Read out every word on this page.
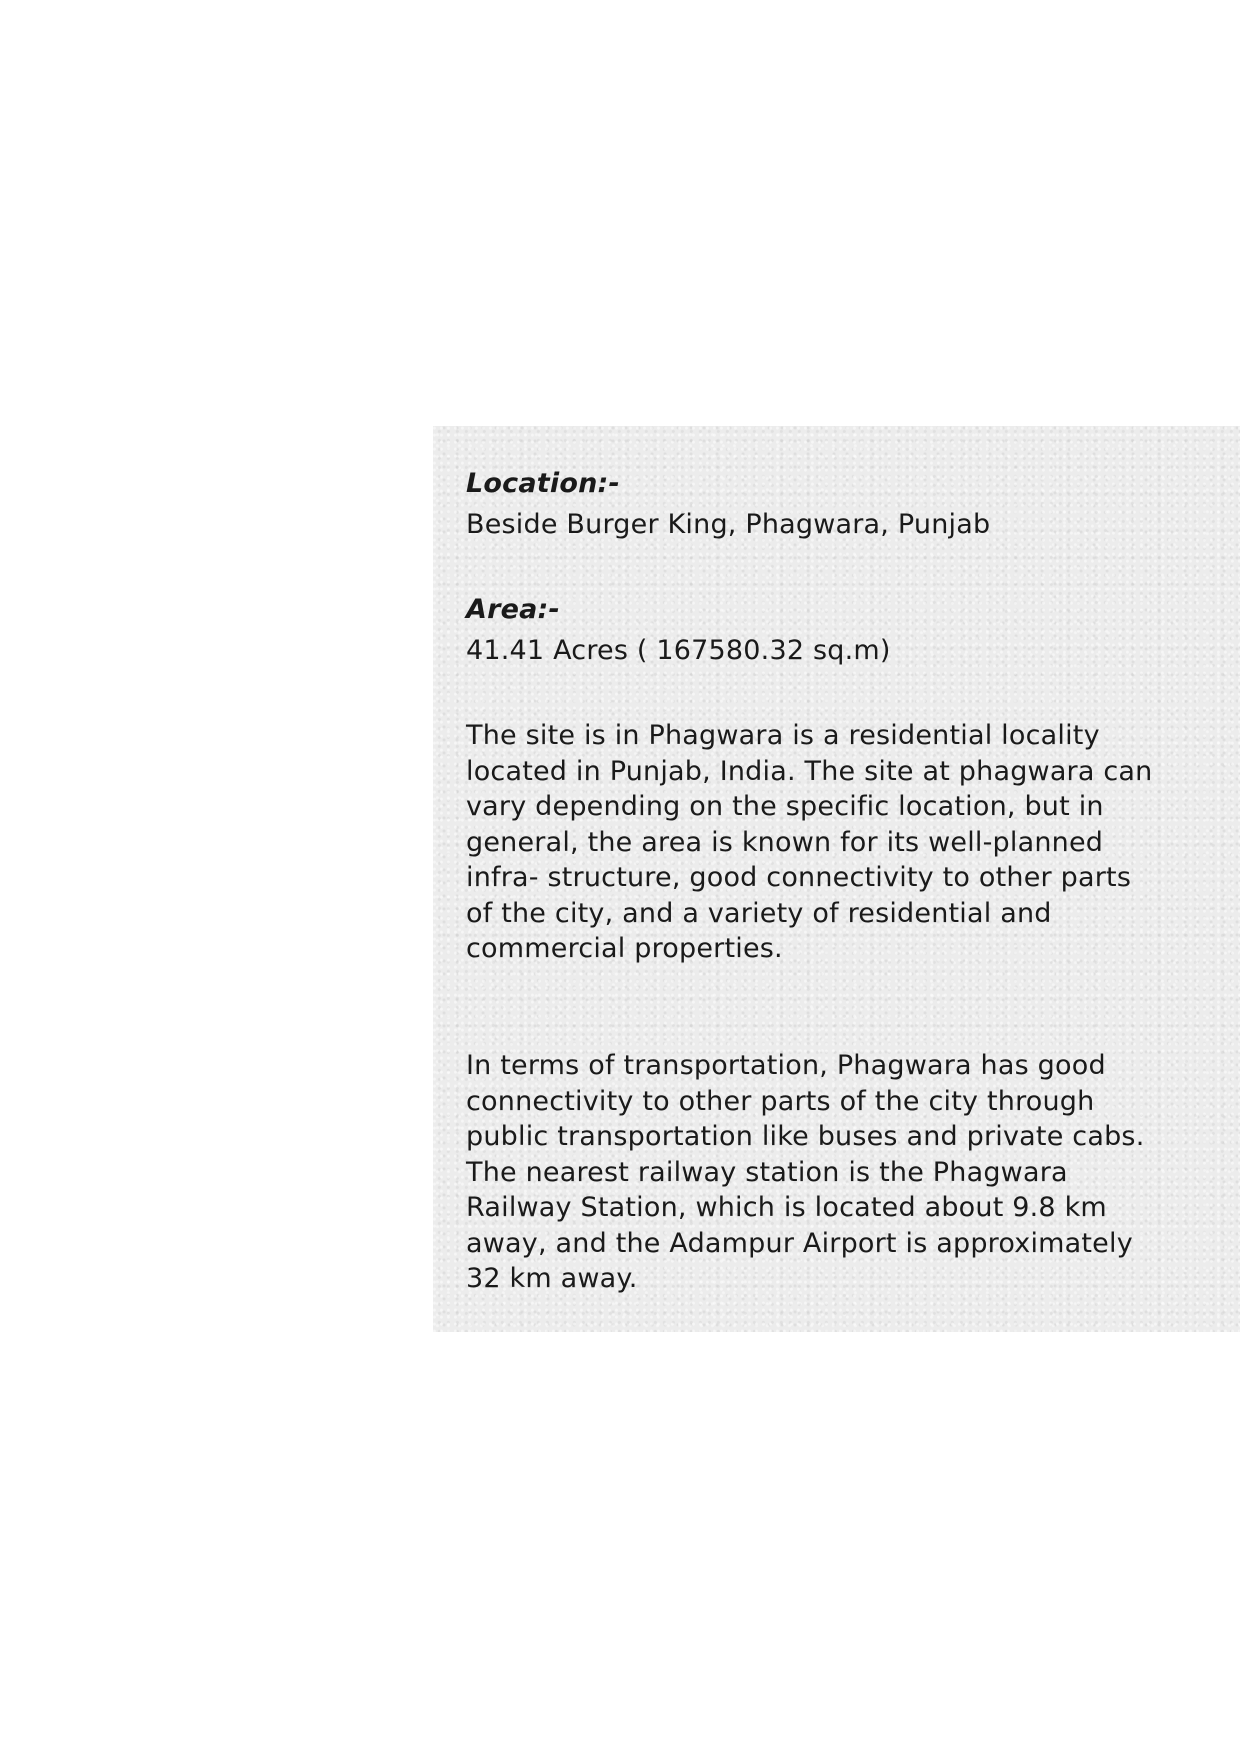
Location:-
Beside Burger King, Phagwara, Punjab
Area:-
41.41 Acres ( 167580.32 sq.m)
The site is in Phagwara is a residential locality
located in Punjab, India. The site at phagwara can
vary depending on the specific location, but in
general, the area is known for its well-planned
infra- structure, good connectivity to other parts
of the city, and a variety of residential and
commercial properties.
In terms of transportation, Phagwara has good
connectivity to other parts of the city through
public transportation like buses and private cabs.
The nearest railway station is the Phagwara
Railway Station, which is located about 9.8 km
away, and the Adampur Airport is approximately
32 km away.
